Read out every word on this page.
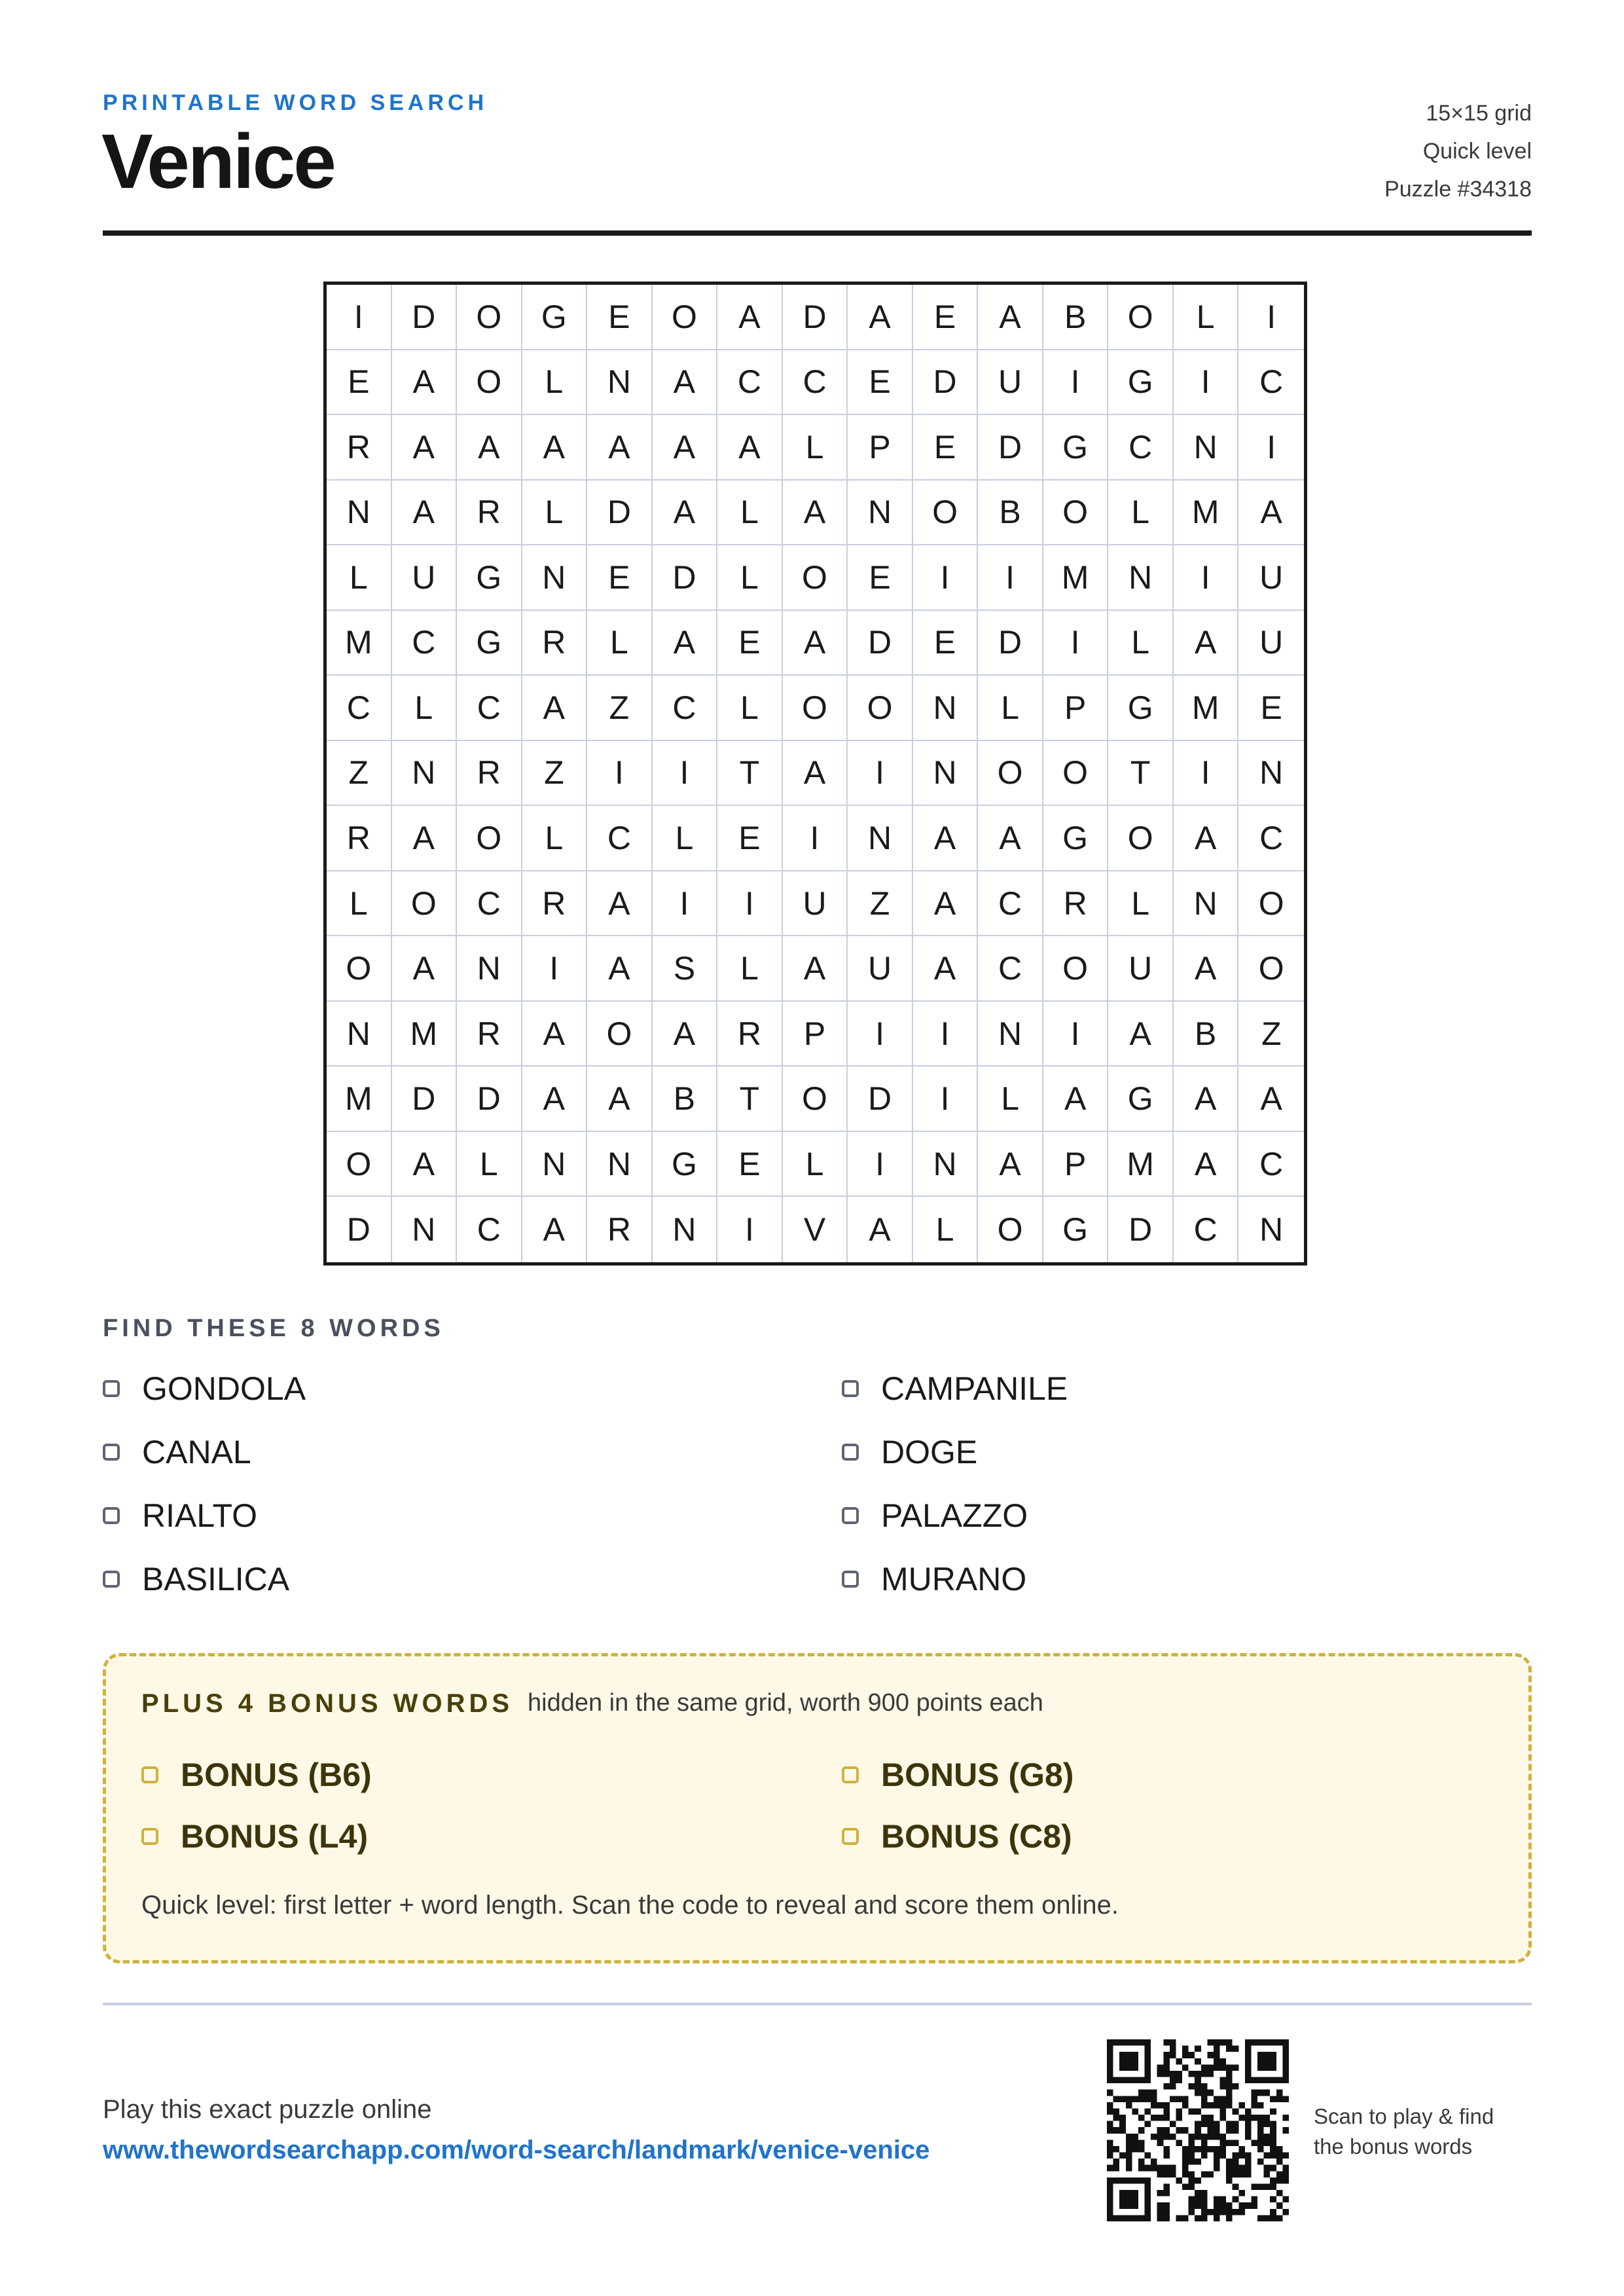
PRINTABLE WORD SEARCH
Venice
15×15 grid
Quick level
Puzzle #34318
I	D	O	G	E	O	A	D	A	E	A	B	O	L	I
E	A	O	L	N	A	C	C	E	D	U	I	G	I	C
R	A	A	A	A	A	A	L	P	E	D	G	C	N	I
N	A	R	L	D	A	L	A	N	O	B	O	L	M	A
L	U	G	N	E	D	L	O	E	I	I	M	N	I	U
M	C	G	R	L	A	E	A	D	E	D	I	L	A	U
C	L	C	A	Z	C	L	O	O	N	L	P	G	M	E
Z	N	R	Z	I	I	T	A	I	N	O	O	T	I	N
R	A	O	L	C	L	E	I	N	A	A	G	O	A	C
L	O	C	R	A	I	I	U	Z	A	C	R	L	N	O
O	A	N	I	A	S	L	A	U	A	C	O	U	A	O
N	M	R	A	O	A	R	P	I	I	N	I	A	B	Z
M	D	D	A	A	B	T	O	D	I	L	A	G	A	A
O	A	L	N	N	G	E	L	I	N	A	P	M	A	C
D	N	C	A	R	N	I	V	A	L	O	G	D	C	N
FIND THESE 8 WORDS
GONDOLA	CAMPANILE
CANAL	DOGE
RIALTO	PALAZZO
BASILICA	MURANO
PLUS 4 BONUS WORDS hidden in the same grid, worth 900 points each
BONUS (B6)	BONUS (G8)
BONUS (L4)	BONUS (C8)
Quick level: first letter + word length. Scan the code to reveal and score them online.
Play this exact puzzle online
www.thewordsearchapp.com/word-search/landmark/venice-venice
Scan to play & find
the bonus words
